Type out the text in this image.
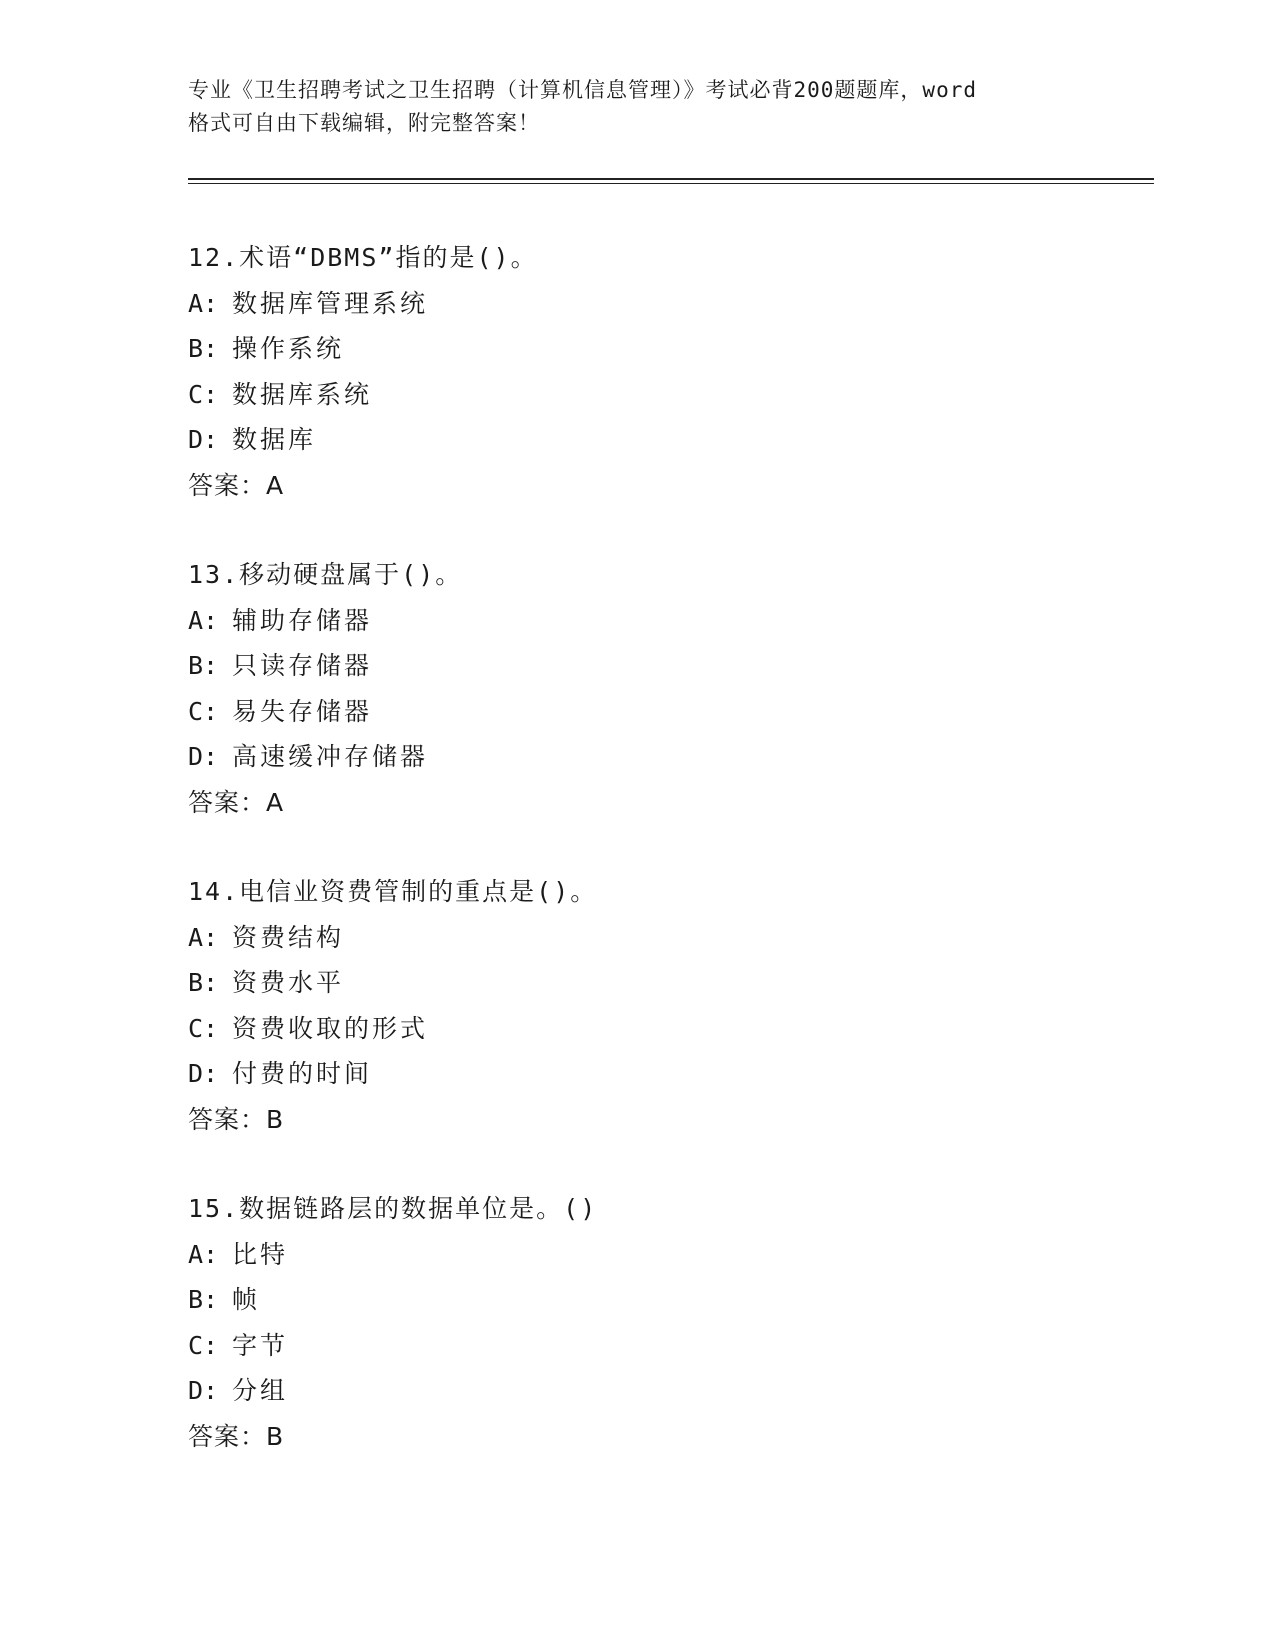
专业《卫生招聘考试之卫生招聘（计算机信息管理）》考试必背200题题库，word

格式可自由下载编辑，附完整答案！

12.术语“DBMS”指的是()。
A: 数据库管理系统
B: 操作系统
C: 数据库系统
D: 数据库
答案：A
13.移动硬盘属于()。
A: 辅助存储器
B: 只读存储器
C: 易失存储器
D: 高速缓冲存储器
答案：A
14.电信业资费管制的重点是()。
A: 资费结构
B: 资费水平
C: 资费收取的形式
D: 付费的时间
答案：B
15.数据链路层的数据单位是。()
A: 比特
B: 帧
C: 字节
D: 分组
答案：B
